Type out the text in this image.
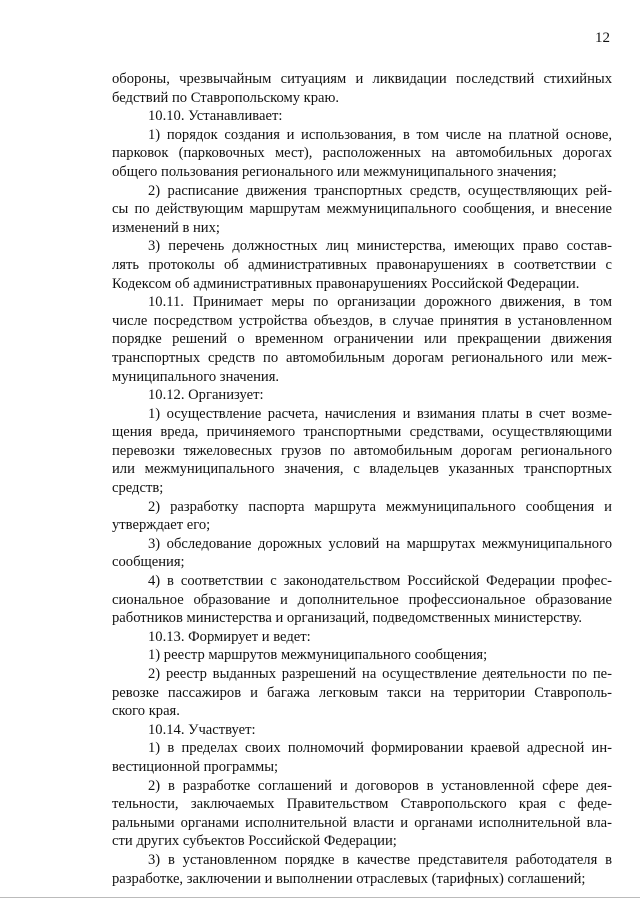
12
обороны, чрезвычайным ситуациям и ликвидации последствий стихийных
бедствий по Ставропольскому краю.
10.10. Устанавливает:
1) порядок создания и использования, в том числе на платной основе,
парковок (парковочных мест), расположенных на автомобильных дорогах
общего пользования регионального или межмуниципального значения;
2) расписание движения транспортных средств, осуществляющих рей-
сы по действующим маршрутам межмуниципального сообщения, и внесение
изменений в них;
3) перечень должностных лиц министерства, имеющих право состав-
лять протоколы об административных правонарушениях в соответствии с
Кодексом об административных правонарушениях Российской Федерации.
10.11. Принимает меры по организации дорожного движения, в том
числе посредством устройства объездов, в случае принятия в установленном
порядке решений о временном ограничении или прекращении движения
транспортных средств по автомобильным дорогам регионального или меж-
муниципального значения.
10.12. Организует:
1) осуществление расчета, начисления и взимания платы в счет возме-
щения вреда, причиняемого транспортными средствами, осуществляющими
перевозки тяжеловесных грузов по автомобильным дорогам регионального
или межмуниципального значения, с владельцев указанных транспортных
средств;
2) разработку паспорта маршрута межмуниципального сообщения и
утверждает его;
3) обследование дорожных условий на маршрутах межмуниципального
сообщения;
4) в соответствии с законодательством Российской Федерации профес-
сиональное образование и дополнительное профессиональное образование
работников министерства и организаций, подведомственных министерству.
10.13. Формирует и ведет:
1) реестр маршрутов межмуниципального сообщения;
2) реестр выданных разрешений на осуществление деятельности по пе-
ревозке пассажиров и багажа легковым такси на территории Ставрополь-
ского края.
10.14. Участвует:
1) в пределах своих полномочий формировании краевой адресной ин-
вестиционной программы;
2) в разработке соглашений и договоров в установленной сфере дея-
тельности, заключаемых Правительством Ставропольского края с феде-
ральными органами исполнительной власти и органами исполнительной вла-
сти других субъектов Российской Федерации;
3) в установленном порядке в качестве представителя работодателя в
разработке, заключении и выполнении отраслевых (тарифных) соглашений;
